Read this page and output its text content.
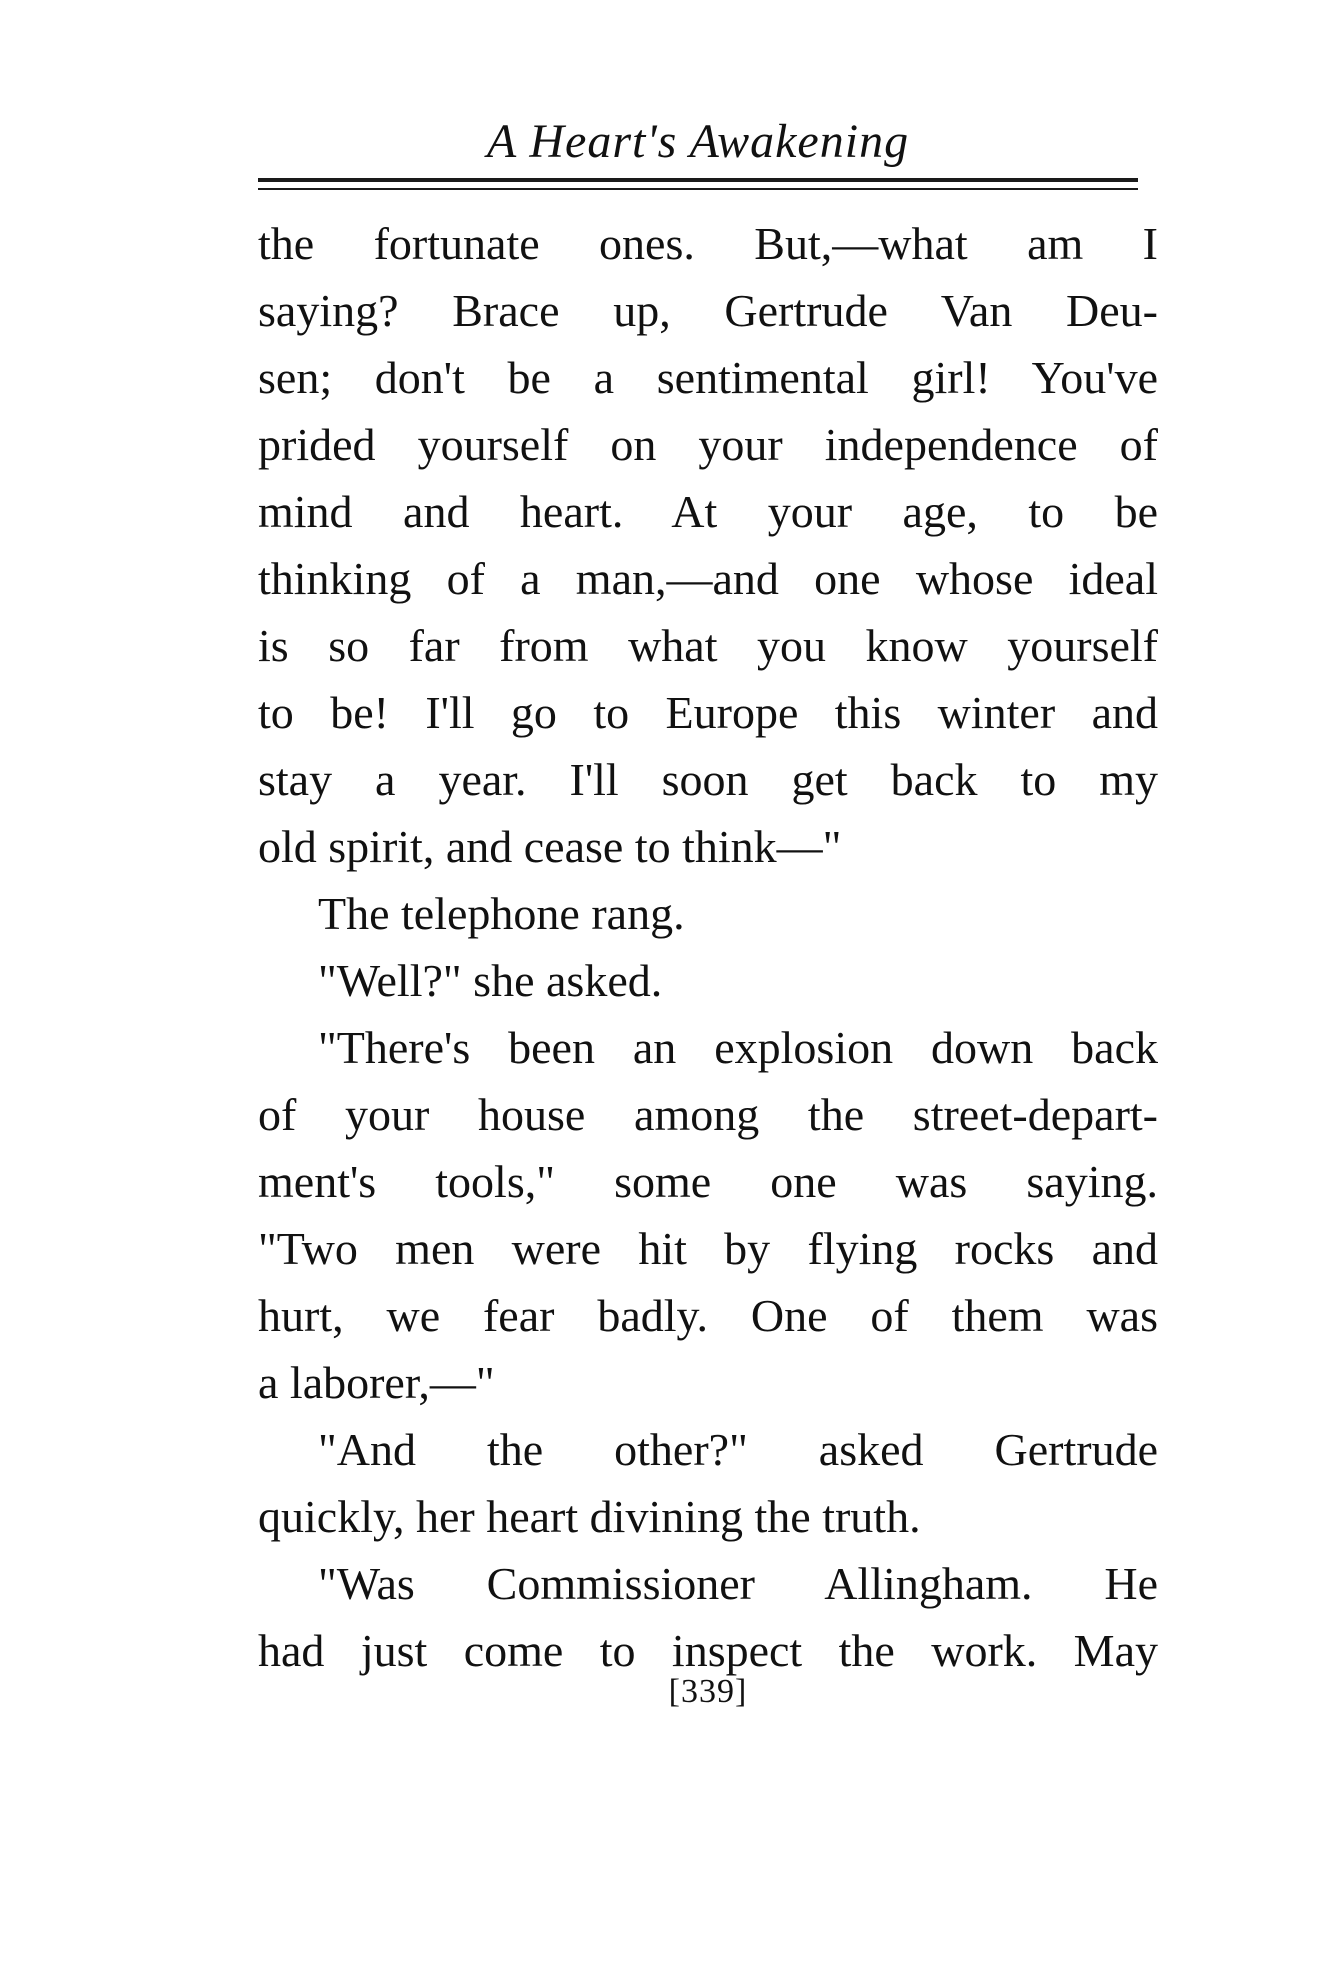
A Heart's Awakening
the fortunate ones. But,—what am I
saying? Brace up, Gertrude Van Deu-
sen; don't be a sentimental girl! You've
prided yourself on your independence of
mind and heart. At your age, to be
thinking of a man,—and one whose ideal
is so far from what you know yourself
to be! I'll go to Europe this winter and
stay a year. I'll soon get back to my
old spirit, and cease to think—"
The telephone rang.
"Well?" she asked.
"There's been an explosion down back
of your house among the street-depart-
ment's tools," some one was saying.
"Two men were hit by flying rocks and
hurt, we fear badly. One of them was
a laborer,—"
"And the other?" asked Gertrude
quickly, her heart divining the truth.
"Was Commissioner Allingham. He
had just come to inspect the work. May
[339]
